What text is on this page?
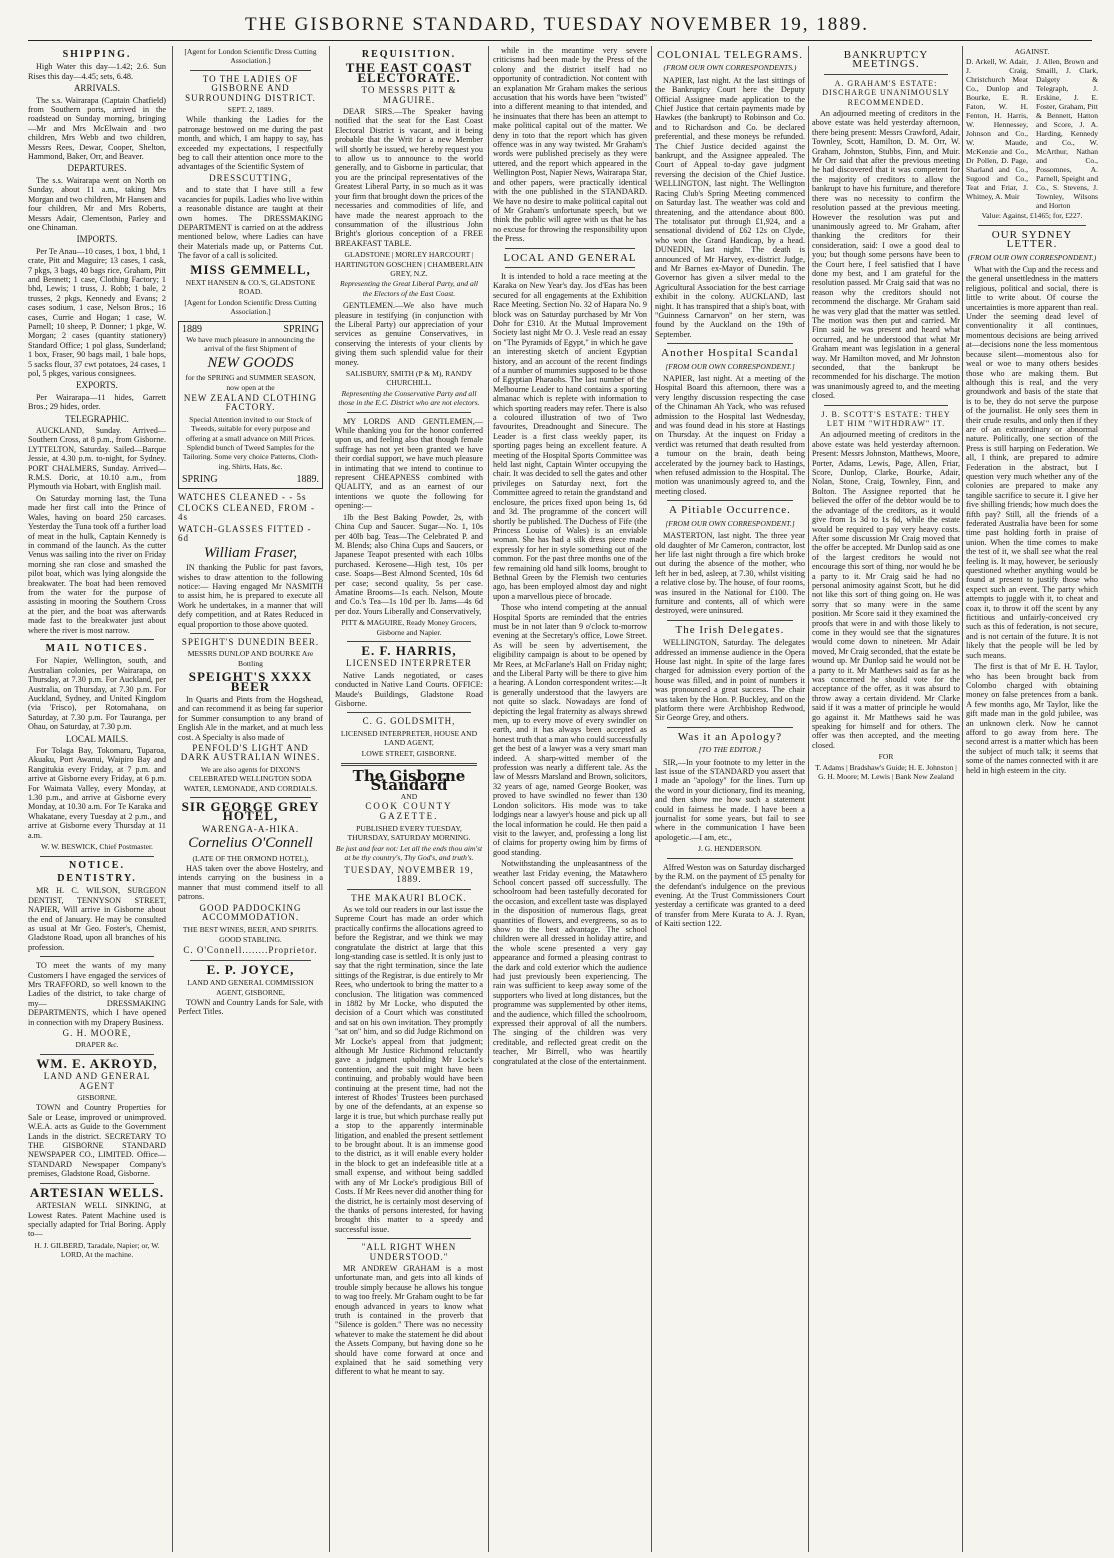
THE GISBORNE STANDARD, TUESDAY NOVEMBER 19, 1889.
SHIPPING.

High Water this day—1.42; 2.6. Sun Rises this day—4.45; sets, 6.48.

ARRIVALS.

The s.s. Wairarapa (Captain Chatfield) from Southern ports, arrived in the roadstead on Sunday morning, bringing—Mr and Mrs McElwain and two children, Mrs Webb and two children, Messrs Rees, Dewar, Cooper, Shelton, Hammond, Baker, Orr, and Beaver.

DEPARTURES.

The s.s. Wairarapa went on North on Sunday, about 11 a.m., taking Mrs Morgan and two children, Mr Hansen and four children, Mr and Mrs Roberts, Messrs Adair, Clementson, Parley and one Chinaman.

IMPORTS.

Per Te Anau—10 cases, 1 box, 1 bhd, 1 crate, Pitt and Maguire; 13 cases, 1 cask, 7 pkgs, 3 bags, 40 bags rice, Graham, Pitt and Bennett; 1 case, Clothing Factory; 1 bhd, Lewis; 1 truss, J. Robb; 1 bale, 2 trusses, 2 pkgs, Kennedy and Evans; 2 cases sodium, 1 case, Nelson Bros.; 16 cases, Currie and Hogan; 1 case, W. Parnell; 10 sheep, P. Donner; 1 pkge, W. Morgan; 2 cases (quantity stationery) Standard Office; 1 pol glass, Sunderland; 1 box, Fraser, 90 bags mail, 1 bale hops, 5 sacks flour, 37 cwt potatoes, 24 cases, 1 pol, 5 pkges, various consignees.

EXPORTS.

Per Wairarapa—11 hides, Garrett Bros.; 29 hides, order.

TELEGRAPHIC.

AUCKLAND, Sunday. Arrived—Southern Cross, at 8 p.m., from Gisborne. LYTTELTON, Saturday. Sailed—Barque Jessie, at 4.30 p.m. to-night, for Sydney. PORT CHALMERS, Sunday. Arrived—R.M.S. Doric, at 10.10 a.m., from Plymouth via Hobart, with English mail.

On Saturday morning last, the Tuna made her first call into the Prince of Wales, having on board 250 carcases. Yesterday the Tuna took off a further load of meat in the hulk, Captain Kennedy is in command of the launch. As the cutter Venus was sailing into the river on Friday morning she ran close and smashed the pilot boat, which was lying alongside the breakwater. The boat had been removed from the water for the purpose of assisting in mooring the Southern Cross at the pier, and the boat was afterwards made fast to the breakwater just about where the river is most narrow.

MAIL NOTICES.

For Napier, Wellington, south, and Australian colonies, per Wairarapa, on Thursday, at 7.30 p.m. For Auckland, per Australia, on Thursday, at 7.30 p.m. For Auckland, Sydney, and United Kingdom (via 'Frisco), per Rotomahana, on Saturday, at 7.30 p.m. For Tauranga, per Ohau, on Saturday, at 7.30 p.m.

LOCAL MAILS.

For Tolaga Bay, Tokomaru, Tuparoa, Akuaku, Port Awanui, Waipiro Bay and Rangitukia every Friday, at 7 p.m. and arrive at Gisborne every Friday, at 6 p.m. For Waimata Valley, every Monday, at 1.30 p.m., and arrive at Gisborne every Monday, at 10.30 a.m. For Te Karaka and Whakatane, every Tuesday at 2 p.m., and arrive at Gisborne every Thursday at 11 a.m.

W. W. BESWICK, Chief Postmaster.
NOTICE.
DENTISTRY.

MR H. C. WILSON, SURGEON DENTIST, TENNYSON STREET, NAPIER, Will arrive in Gisborne about the end of January. He may be consulted as usual at Mr Geo. Foster's, Chemist, Gladstone Road, upon all branches of his profession.

TO meet the wants of my many Customers I have engaged the services of Mrs TRAFFORD, so well known to the Ladies of the district, to take charge of my— DRESSMAKING DEPARTMENTS, which I have opened in connection with my Drapery Business.

G. H. MOORE,
DRAPER &c.
WM. E. AKROYD,
LAND AND GENERAL AGENT
GISBORNE.

TOWN and Country Properties for Sale or Lease, improved or unimproved. W.E.A. acts as Guide to the Government Lands in the district. SECRETARY TO THE GISBORNE STANDARD NEWSPAPER CO., LIMITED. Office—STANDARD Newspaper Company's premises, Gladstone Road, Gisborne.

ARTESIAN WELLS.

ARTESIAN WELL SINKING, at Lowest Rates. Patent Machine used is specially adapted for Trial Boring. Apply to—

H. J. GILBERD, Taradale, Napier; or, W. LORD, At the machine.
[Agent for London Scientific Dress Cutting Association.]
TO THE LADIES OF GISBORNE AND SURROUNDING DISTRICT.
SEPT. 2, 1889.

While thanking the Ladies for the patronage bestowed on me during the past month, and which, I am happy to say, has exceeded my expectations, I respectfully beg to call their attention once more to the advantages of the Scientific System of

DRESSCUTTING,

and to state that I have still a few vacancies for pupils. Ladies who live within a reasonable distance are taught at their own homes. The DRESSMAKING DEPARTMENT is carried on at the address mentioned below, where Ladies can have their Materials made up, or Patterns Cut. The favor of a call is solicited.

MISS GEMMELL,
NEXT HANSEN & CO.'S, GLADSTONE ROAD.
[Agent for London Scientific Dress Cutting Association.]
1889	SPRING
We have much pleasure in announcing the arrival of the first Shipment of
NEW GOODS
for the SPRING and SUMMER SEASON, now open at the
NEW ZEALAND CLOTHING FACTORY.
Special Attention invited to our Stock of Tweeds, suitable for every purpose and offering at a small advance on Mill Prices. Splendid bunch of Tweed Samples for the Tailoring. Some very choice Patterns, Cloth-ing, Shirts, Hats, &c.
SPRING	1889.
WATCHES CLEANED - - 5s
CLOCKS CLEANED, FROM - 4s
WATCH-GLASSES FITTED - 6d
William Fraser,

IN thanking the Public for past favors, wishes to draw attention to the following notice:— Having engaged Mr NASMITH to assist him, he is prepared to execute all Work he undertakes, in a manner that will defy competition, and at Rates Reduced in equal proportion to those above quoted.

SPEIGHT'S DUNEDIN BEER.
MESSRS DUNLOP AND BOURKE Are Bottling
SPEIGHT'S XXXX BEER

In Quarts and Pints from the Hogshead, and can recommend it as being far superior for Summer consumption to any brand of English Ale in the market, and at much less cost. A Specialty is also made of

PENFOLD'S LIGHT AND DARK AUSTRALIAN WINES.
We are also agents for DIXON'S CELEBRATED WELLINGTON SODA WATER, LEMONADE, AND CORDIALS.
SIR GEORGE GREY HOTEL,
WARENGA-A-HIKA.
Cornelius O'Connell
(LATE OF THE ORMOND HOTEL),

HAS taken over the above Hostelry, and intends carrying on the business in a manner that must commend itself to all patrons.

GOOD PADDOCKING ACCOMMODATION.
THE BEST WINES, BEER, AND SPIRITS.
GOOD STABLING.
C. O'Connell........Proprietor.
E. P. JOYCE,
LAND AND GENERAL COMMISSION AGENT, GISBORNE,

TOWN and Country Lands for Sale, with Perfect Titles.

REQUISITION.
THE EAST COAST ELECTORATE.
TO MESSRS PITT & MAGUIRE.

DEAR SIRS.—The Speaker having notified that the seat for the East Coast Electoral District is vacant, and it being probable that the Writ for a new Member will shortly be issued, we hereby request you to allow us to announce to the world generally, and to Gisborne in particular, that you are the principal representatives of the Greatest Liberal Party, in so much as it was your firm that brought down the prices of the necessaries and commodities of life, and have made the nearest approach to the consummation of the illustrious John Bright's glorious conception of a FREE BREAKFAST TABLE.

GLADSTONE | MORLEY HARCOURT | HARTINGTON GOSCHEN | CHAMBERLAIN GREY, N.Z.
Representing the Great Liberal Party, and all the Electors of the East Coast.

GENTLEMEN.—We also have much pleasure in testifying (in conjunction with the Liberal Party) our appreciation of your services as genuine Conservatives, in conserving the interests of your clients by giving them such splendid value for their money.

SALISBURY, SMITH (P & M), RANDY CHURCHILL.
Representing the Conservative Party and all those in the E.C. District who are not electors.

MY LORDS AND GENTLEMEN,—While thanking you for the honor conferred upon us, and feeling also that though female suffrage has not yet been granted we have their cordial support, we have much pleasure in intimating that we intend to continue to represent CHEAPNESS combined with QUALITY, and as an earnest of our intentions we quote the following for opening:—

1lb the Best Baking Powder, 2s, with China Cup and Saucer. Sugar—No. 1, 10s per 40lb bag. Teas—The Celebrated P. and M. Blends; also China Cups and Saucers, or Japanese Teapot presented with each 10lbs purchased. Kerosene—High test, 10s per case. Soaps—Best Almond Scented, 10s 6d per case; second quality, 5s per case. Amatine Brooms—1s each. Nelson, Moute and Co.'s Tea—1s 10d per lb. Jams—4s 6d per doz. Yours Liberally and Conservatively,

PITT & MAGUIRE, Ready Money Grocers, Gisborne and Napier.
E. F. HARRIS,
LICENSED INTERPRETER

Native Lands negotiated, or cases conducted in Native Land Courts. OFFICE: Maude's Buildings, Gladstone Road Gisborne.

C. G. GOLDSMITH,
LICENSED INTERPRETER, HOUSE AND LAND AGENT,
LOWE STREET, GISBORNE.
The Gisborne Standard
AND
COOK COUNTY GAZETTE.
PUBLISHED EVERY TUESDAY, THURSDAY, SATURDAY MORNING.
Be just and fear not: Let all the ends thou aim'st at be thy country's, Thy God's, and truth's.
TUESDAY, NOVEMBER 19, 1889.
THE MAKAURI BLOCK.

As we told our readers in our last issue the Supreme Court has made an order which practically confirms the allocations agreed to before the Registrar, and we think we may congratulate the district at large that this long-standing case is settled. It is only just to say that the right termination, since the late sittings of the Registrar, is due entirely to Mr Rees, who undertook to bring the matter to a conclusion. The litigation was commenced in 1882 by Mr Locke, who disputed the decision of a Court which was constituted and sat on his own invitation. They promptly "sat on" him, and so did Judge Richmond on Mr Locke's appeal from that judgment; although Mr Justice Richmond reluctantly gave a judgment upholding Mr Locke's contention, and the suit might have been continuing, and probably would have been continuing at the present time, had not the interest of Rhodes' Trustees been purchased by one of the defendants, at an expense so large it is true, but which purchase really put a stop to the apparently interminable litigation, and enabled the present settlement to be brought about. It is an immense good to the district, as it will enable every holder in the block to get an indefeasible title at a small expense, and without being saddled with any of Mr Locke's prodigious Bill of Costs. If Mr Rees never did another thing for the district, he is certainly most deserving of the thanks of persons interested, for having brought this matter to a speedy and successful issue.

"ALL RIGHT WHEN UNDERSTOOD."

MR ANDREW GRAHAM is a most unfortunate man, and gets into all kinds of trouble simply because he allows his tongue to wag too freely. Mr Graham ought to be far enough advanced in years to know what truth is contained in the proverb that "Silence is golden." There was no necessity whatever to make the statement he did about the Assets Company, but having done so he should have come forward at once and explained that he said something very different to what he meant to say.

while in the meantime very severe criticisms had been made by the Press of the colony and the district itself had no opportunity of contradiction. Not content with an explanation Mr Graham makes the serious accusation that his words have been "twisted" into a different meaning to that intended, and he insinuates that there has been an attempt to make political capital out of the matter. We deny in toto that the report which has given offence was in any way twisted. Mr Graham's words were published precisely as they were uttered, and the report which appeared in the Wellington Post, Napier News, Wairarapa Star, and other papers, were practically identical with the one published in the STANDARD. We have no desire to make political capital out of Mr Graham's unfortunate speech, but we think the public will agree with us that he has no excuse for throwing the responsibility upon the Press.

LOCAL AND GENERAL

It is intended to hold a race meeting at the Karaka on New Year's day. Jos d'Eas has been secured for all engagements at the Exhibition Race Meeting. Section No. 32 of Hapara No. 9 block was on Saturday purchased by Mr Von Dohr for £310. At the Mutual Improvement Society last night Mr O. J. Vesle read an essay on "The Pyramids of Egypt," in which he gave an interesting sketch of ancient Egyptian history, and an account of the recent findings of a number of mummies supposed to be those of Egyptian Pharaohs. The last number of the Melbourne Leader to hand contains a sporting almanac which is replete with information to which sporting readers may refer. There is also a coloured illustration of two of Two favourites, Dreadnought and Sinecure. The Leader is a first class weekly paper, its sporting pages being an excellent feature. A meeting of the Hospital Sports Committee was held last night, Captain Winter occupying the chair. It was decided to sell the gates and other privileges on Saturday next, fort the Committee agreed to retain the grandstand and enclosure, the prices fixed upon being 1s, 6d and 3d. The programme of the concert will shortly be published. The Duchess of Fife (the Princess Louise of Wales) is an enviable woman. She has had a silk dress piece made expressly for her in style something out of the common. For the past three months one of the few remaining old hand silk looms, brought to Bethnal Green by the Flemish two centuries ago, has been employed almost day and night upon a marvellous piece of brocade.

Those who intend competing at the annual Hospital Sports are reminded that the entries must be in not later than 9 o'clock to-morrow evening at the Secretary's office, Lowe Street. As will be seen by advertisement, the eligibility campaign is about to be opened by Mr Rees, at McFarlane's Hall on Friday night; and the Liberal Party will be there to give him a hearing. A London correspondent writes:—It is generally understood that the lawyers are not quite so slack. Nowadays are fond of depicting the legal fraternity as always shrewd men, up to every move of every swindler on earth, and it has always been accepted as honest truth that a man who could successfully get the best of a lawyer was a very smart man indeed. A sharp-witted member of the profession was nearly a different tale. As the law of Messrs Marsland and Brown, solicitors, 32 years of age, named George Booker, was proved to have swindled no fewer than 130 London solicitors. His mode was to take lodgings near a lawyer's house and pick up all the local information he could. He then paid a visit to the lawyer, and, professing a long list of claims for property owing him by firms of good standing.

Notwithstanding the unpleasantness of the weather last Friday evening, the Matawhero School concert passed off successfully. The schoolroom had been tastefully decorated for the occasion, and excellent taste was displayed in the disposition of numerous flags, great quantities of flowers, and evergreens, so as to show to the best advantage. The school children were all dressed in holiday attire, and the whole scene presented a very gay appearance and formed a pleasing contrast to the dark and cold exterior which the audience had just previously been experiencing. The rain was sufficient to keep away some of the supporters who lived at long distances, but the programme was supplemented by other items, and the audience, which filled the schoolroom, expressed their approval of all the numbers. The singing of the children was very creditable, and reflected great credit on the teacher, Mr Birrell, who was heartily congratulated at the close of the entertainment.

COLONIAL TELEGRAMS.
(FROM OUR OWN CORRESPONDENTS.)

NAPIER, last night. At the last sittings of the Bankruptcy Court here the Deputy Official Assignee made application to the Chief Justice that certain payments made by Hawkes (the bankrupt) to Robinson and Co. and to Richardson and Co. be declared preferential, and these moneys be refunded. The Chief Justice decided against the bankrupt, and the Assignee appealed. The Court of Appeal to-day gave judgment reversing the decision of the Chief Justice. WELLINGTON, last night. The Wellington Racing Club's Spring Meeting commenced on Saturday last. The weather was cold and threatening, and the attendance about 800. The totalisator put through £1,924, and a sensational dividend of £62 12s on Clyde, who won the Grand Handicap, by a head. DUNEDIN, last night. The death is announced of Mr Harvey, ex-district Judge, and Mr Barnes ex-Mayor of Dunedin. The Governor has given a silver medal to the Agricultural Association for the best carriage exhibit in the colony. AUCKLAND, last night. It has transpired that a ship's boat, with "Guinness Carnarvon" on her stern, was found by the Auckland on the 19th of September.

Another Hospital Scandal
[FROM OUR OWN CORRESPONDENT.]

NAPIER, last night. At a meeting of the Hospital Board this afternoon, there was a very lengthy discussion respecting the case of the Chinaman Ah Yack, who was refused admission to the Hospital last Wednesday, and was found dead in his store at Hastings on Thursday. At the inquest on Friday a verdict was returned that death resulted from a tumour on the brain, death being accelerated by the journey back to Hastings, when refused admission to the Hospital. The motion was unanimously agreed to, and the meeting closed.

A Pitiable Occurrence.
[FROM OUR OWN CORRESPONDENT.]

MASTERTON, last night. The three year old daughter of Mr Cameron, contractor, lost her life last night through a fire which broke out during the absence of the mother, who left her in bed, asleep, at 7.30, whilst visiting a relative close by. The house, of four rooms, was insured in the National for £100. The furniture and contents, all of which were destroyed, were uninsured.

The Irish Delegates.

WELLINGTON, Saturday. The delegates addressed an immense audience in the Opera House last night. In spite of the large fares charged for admission every portion of the house was filled, and in point of numbers it was pronounced a great success. The chair was taken by the Hon. P. Buckley, and on the platform there were Archbishop Redwood, Sir George Grey, and others.

Was it an Apology?
[TO THE EDITOR.]

SIR,—In your footnote to my letter in the last issue of the STANDARD you assert that I made an "apology" for the lines. Turn up the word in your dictionary, find its meaning, and then show me how such a statement could in fairness be made. I have been a journalist for some years, but fail to see where in the communication I have been apologetic.—I am, etc.,

J. G. HENDERSON.

Alfred Weston was on Saturday discharged by the R.M. on the payment of £5 penalty for the defendant's indulgence on the previous evening. At the Trust Commissioners Court yesterday a certificate was granted to a deed of transfer from Mere Kurata to A. J. Ryan, of Kaiti section 122.

BANKRUPTCY MEETINGS.
A. GRAHAM'S ESTATE: DISCHARGE UNANIMOUSLY RECOMMENDED.

An adjourned meeting of creditors in the above estate was held yesterday afternoon, there being present: Messrs Crawford, Adair, Townley, Scott, Hamilton, D. M. Orr, W. Graham, Johnston, Stubbs, Finn, and Muir. Mr Orr said that after the previous meeting he had discovered that it was competent for the majority of creditors to allow the bankrupt to have his furniture, and therefore there was no necessity to confirm the resolution passed at the previous meeting. However the resolution was put and unanimously agreed to. Mr Graham, after thanking the creditors for their consideration, said: I owe a good deal to you; but though some persons have been to the Court here, I feel satisfied that I have done my best, and I am grateful for the resolution passed. Mr Craig said that was no reason why the creditors should not recommend the discharge. Mr Graham said he was very glad that the matter was settled. The motion was then put and carried. Mr Finn said he was present and heard what occurred, and he understood that what Mr Graham meant was legislation in a general way. Mr Hamilton moved, and Mr Johnston seconded, that the bankrupt be recommended for his discharge. The motion was unanimously agreed to, and the meeting closed.

J. B. SCOTT'S ESTATE: THEY LET HIM "WITHDRAW" IT.

An adjourned meeting of creditors in the above estate was held yesterday afternoon. Present: Messrs Johnston, Matthews, Moore, Porter, Adams, Lewis, Page, Allen, Friar, Score, Dunlop, Clarke, Bourke, Adair, Nolan, Stone, Craig, Townley, Finn, and Bolton. The Assignee reported that he believed the offer of the debtor would be to the advantage of the creditors, as it would give from 1s 3d to 1s 6d, while the estate would be required to pay very heavy costs. After some discussion Mr Craig moved that the offer be accepted. Mr Dunlop said as one of the largest creditors he would not encourage this sort of thing, nor would he be a party to it. Mr Craig said he had no personal animosity against Scott, but he did not like this sort of thing going on. He was sorry that so many were in the same position. Mr Score said it they examined the proofs that were in and with those likely to come in they would see that the signatures would come down to nineteen. Mr Adair moved, Mr Craig seconded, that the estate be wound up. Mr Dunlop said he would not be a party to it. Mr Matthews said as far as he was concerned he should vote for the acceptance of the offer, as it was absurd to throw away a certain dividend. Mr Clarke said if it was a matter of principle he would go against it. Mr Matthews said he was speaking for himself and for others. The offer was then accepted, and the meeting closed.

FOR
T. Adams | Bradshaw's Guide; H. E. Johnston | G. H. Moore; M. Lewis | Bank New Zealand
AGAINST.
D. Arkell, W. Adair, J. Craig, Christchurch Meat Co., Dunlop and Bourke, E. R. Faton, W. H. Fenton, H. Harris, W. Hennessey, Johnson and Co., W. Maude, McKenzie and Co., Dr Pollen, D. Page, Sharland and Co., Sugood and Co., Teat and Friar, J. Whitney, A. Muir
J. Allen, Brown and Smaill, J. Clark, Dalgety & Telegraph, J. Erskine, J. E. Foster, Graham, Pitt & Bennett, Hatton and Score, J. A. Harding, Kennedy and Co., W. McArthur, Nathan and Co., Possomnes, A. Parnell, Speight and Co., S. Stevens, J. Townley, Wilsons and Horton
Value: Against, £1465; for, £227.
OUR SYDNEY LETTER.
(FROM OUR OWN CORRESPONDENT.)

What with the Cup and the recess and the general unsettledness in the matters religious, political and social, there is little to write about. Of course the uncertainties is more apparent than real. Under the seeming dead level of conventionality it all continues, momentous decisions are being arrived at—decisions none the less momentous because silent—momentous also for weal or woe to many others besides those who are making them. But although this is real, and the very groundwork and basis of the state that is to be, they do not serve the purpose of the journalist. He only sees them in their crude results, and only then if they are of an extraordinary or abnormal nature. Politically, one section of the Press is still harping on Federation. We all, I think, are prepared to admire Federation in the abstract, but I question very much whether any of the colonies are prepared to make any tangible sacrifice to secure it. I give her five shilling friends; how much does the fifth pay? Still, all the friends of a federated Australia have been for some time past holding forth in praise of union. When the time comes to make the test of it, we shall see what the real feeling is. It may, however, be seriously questioned whether anything would be found at present to justify those who expect such an event. The party which attempts to juggle with it, to cheat and coax it, to throw it off the scent by any fictitious and unfairly-conceived cry such as this of federation, is not secure, and is not certain of the future. It is not likely that the people will be led by such means.

The first is that of Mr E. H. Taylor, who has been brought back from Colombo charged with obtaining money on false pretences from a bank. A few months ago, Mr Taylor, like the gift made man in the gold jubilee, was an unknown clerk. Now he cannot afford to go away from here. The second arrest is a matter which has been the subject of much talk; it seems that some of the names connected with it are held in high esteem in the city.
